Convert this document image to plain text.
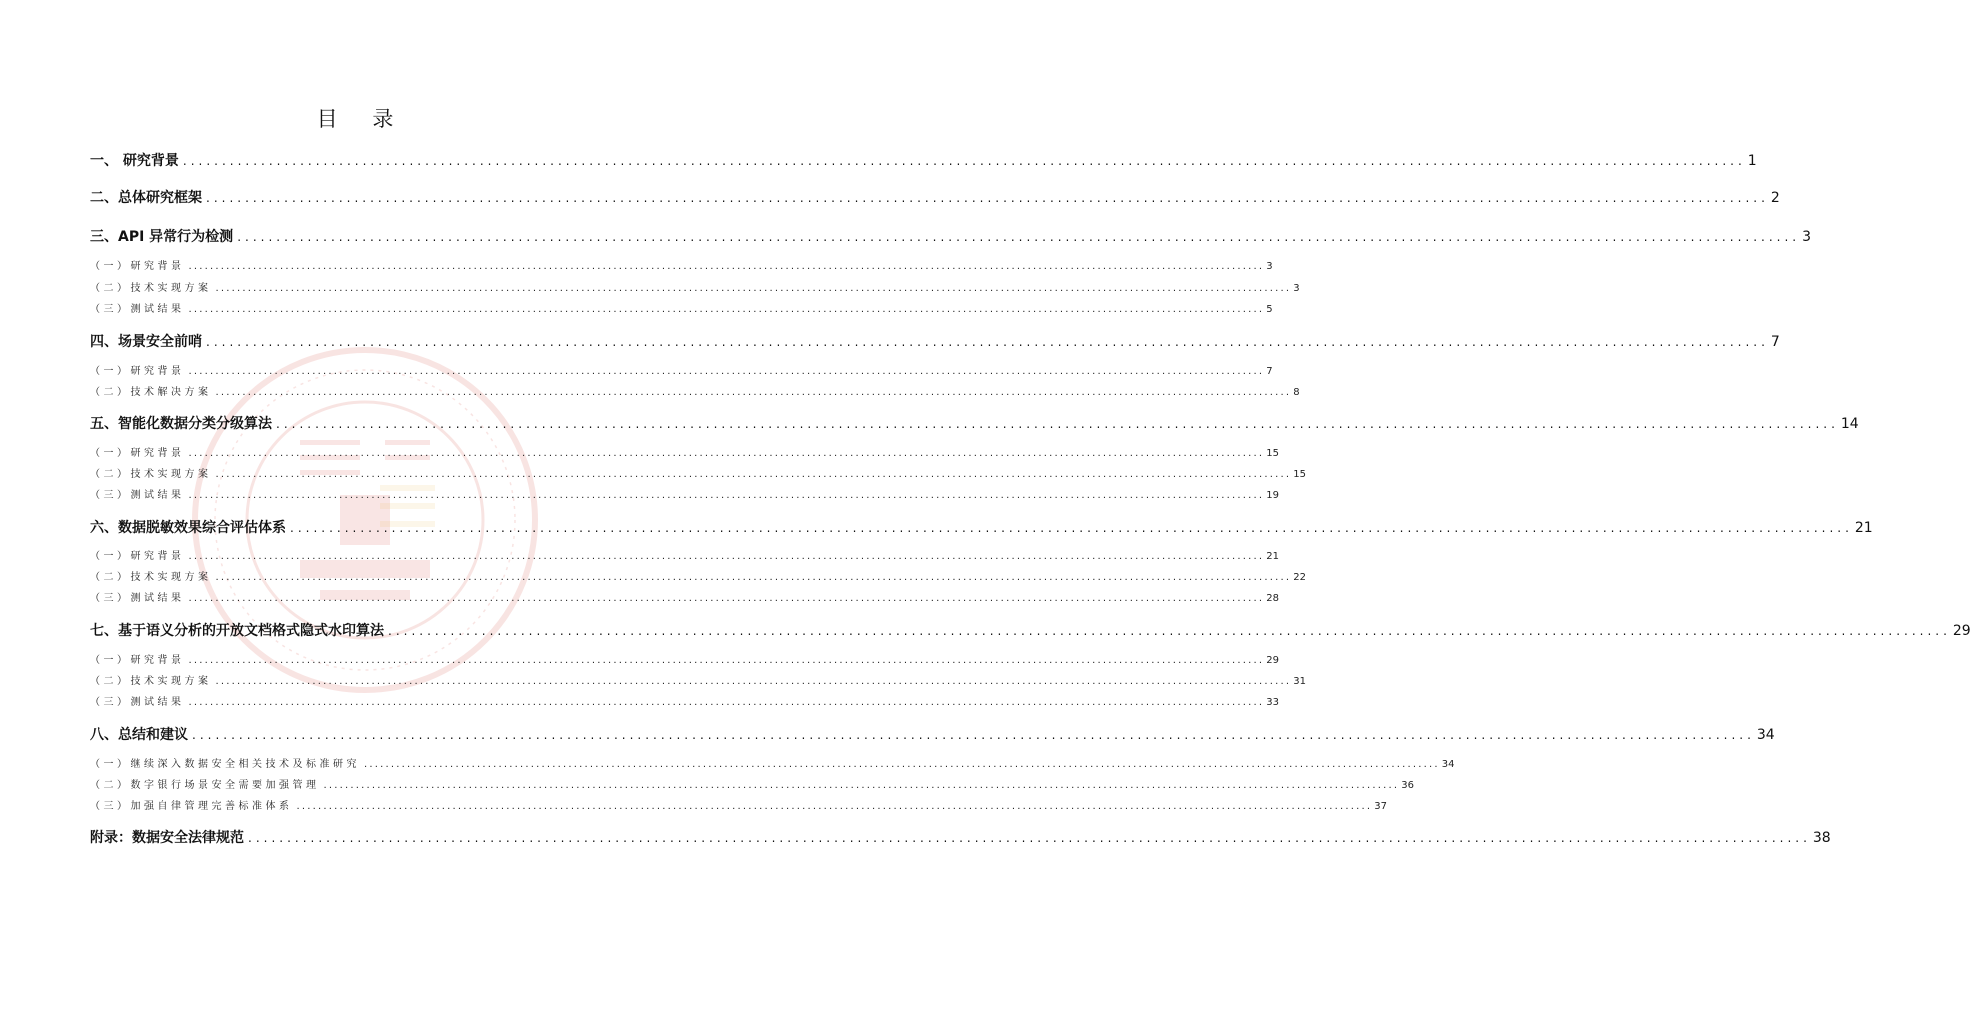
目 录
一、 研究背景 ........................................................................................................................................................................................................ 1
二、总体研究框架 ........................................................................................................................................................................................................ 2
三、API 异常行为检测 ........................................................................................................................................................................................................ 3
（一）研究背景 ........................................................................................................................................................................................................ 3
（二）技术实现方案 ........................................................................................................................................................................................................ 3
（三）测试结果 ........................................................................................................................................................................................................ 5
四、场景安全前哨 ........................................................................................................................................................................................................ 7
（一）研究背景 ........................................................................................................................................................................................................ 7
（二）技术解决方案 ........................................................................................................................................................................................................ 8
五、智能化数据分类分级算法 ........................................................................................................................................................................................................ 14
（一）研究背景 ........................................................................................................................................................................................................ 15
（二）技术实现方案 ........................................................................................................................................................................................................ 15
（三）测试结果 ........................................................................................................................................................................................................ 19
六、数据脱敏效果综合评估体系 ........................................................................................................................................................................................................ 21
（一）研究背景 ........................................................................................................................................................................................................ 21
（二）技术实现方案 ........................................................................................................................................................................................................ 22
（三）测试结果 ........................................................................................................................................................................................................ 28
七、基于语义分析的开放文档格式隐式水印算法 ........................................................................................................................................................................................................ 29
（一）研究背景 ........................................................................................................................................................................................................ 29
（二）技术实现方案 ........................................................................................................................................................................................................ 31
（三）测试结果 ........................................................................................................................................................................................................ 33
八、总结和建议 ........................................................................................................................................................................................................ 34
（一）继续深入数据安全相关技术及标准研究 ........................................................................................................................................................................................................ 34
（二）数字银行场景安全需要加强管理 ........................................................................................................................................................................................................ 36
（三）加强自律管理完善标准体系 ........................................................................................................................................................................................................ 37
附录：数据安全法律规范 ........................................................................................................................................................................................................ 38
